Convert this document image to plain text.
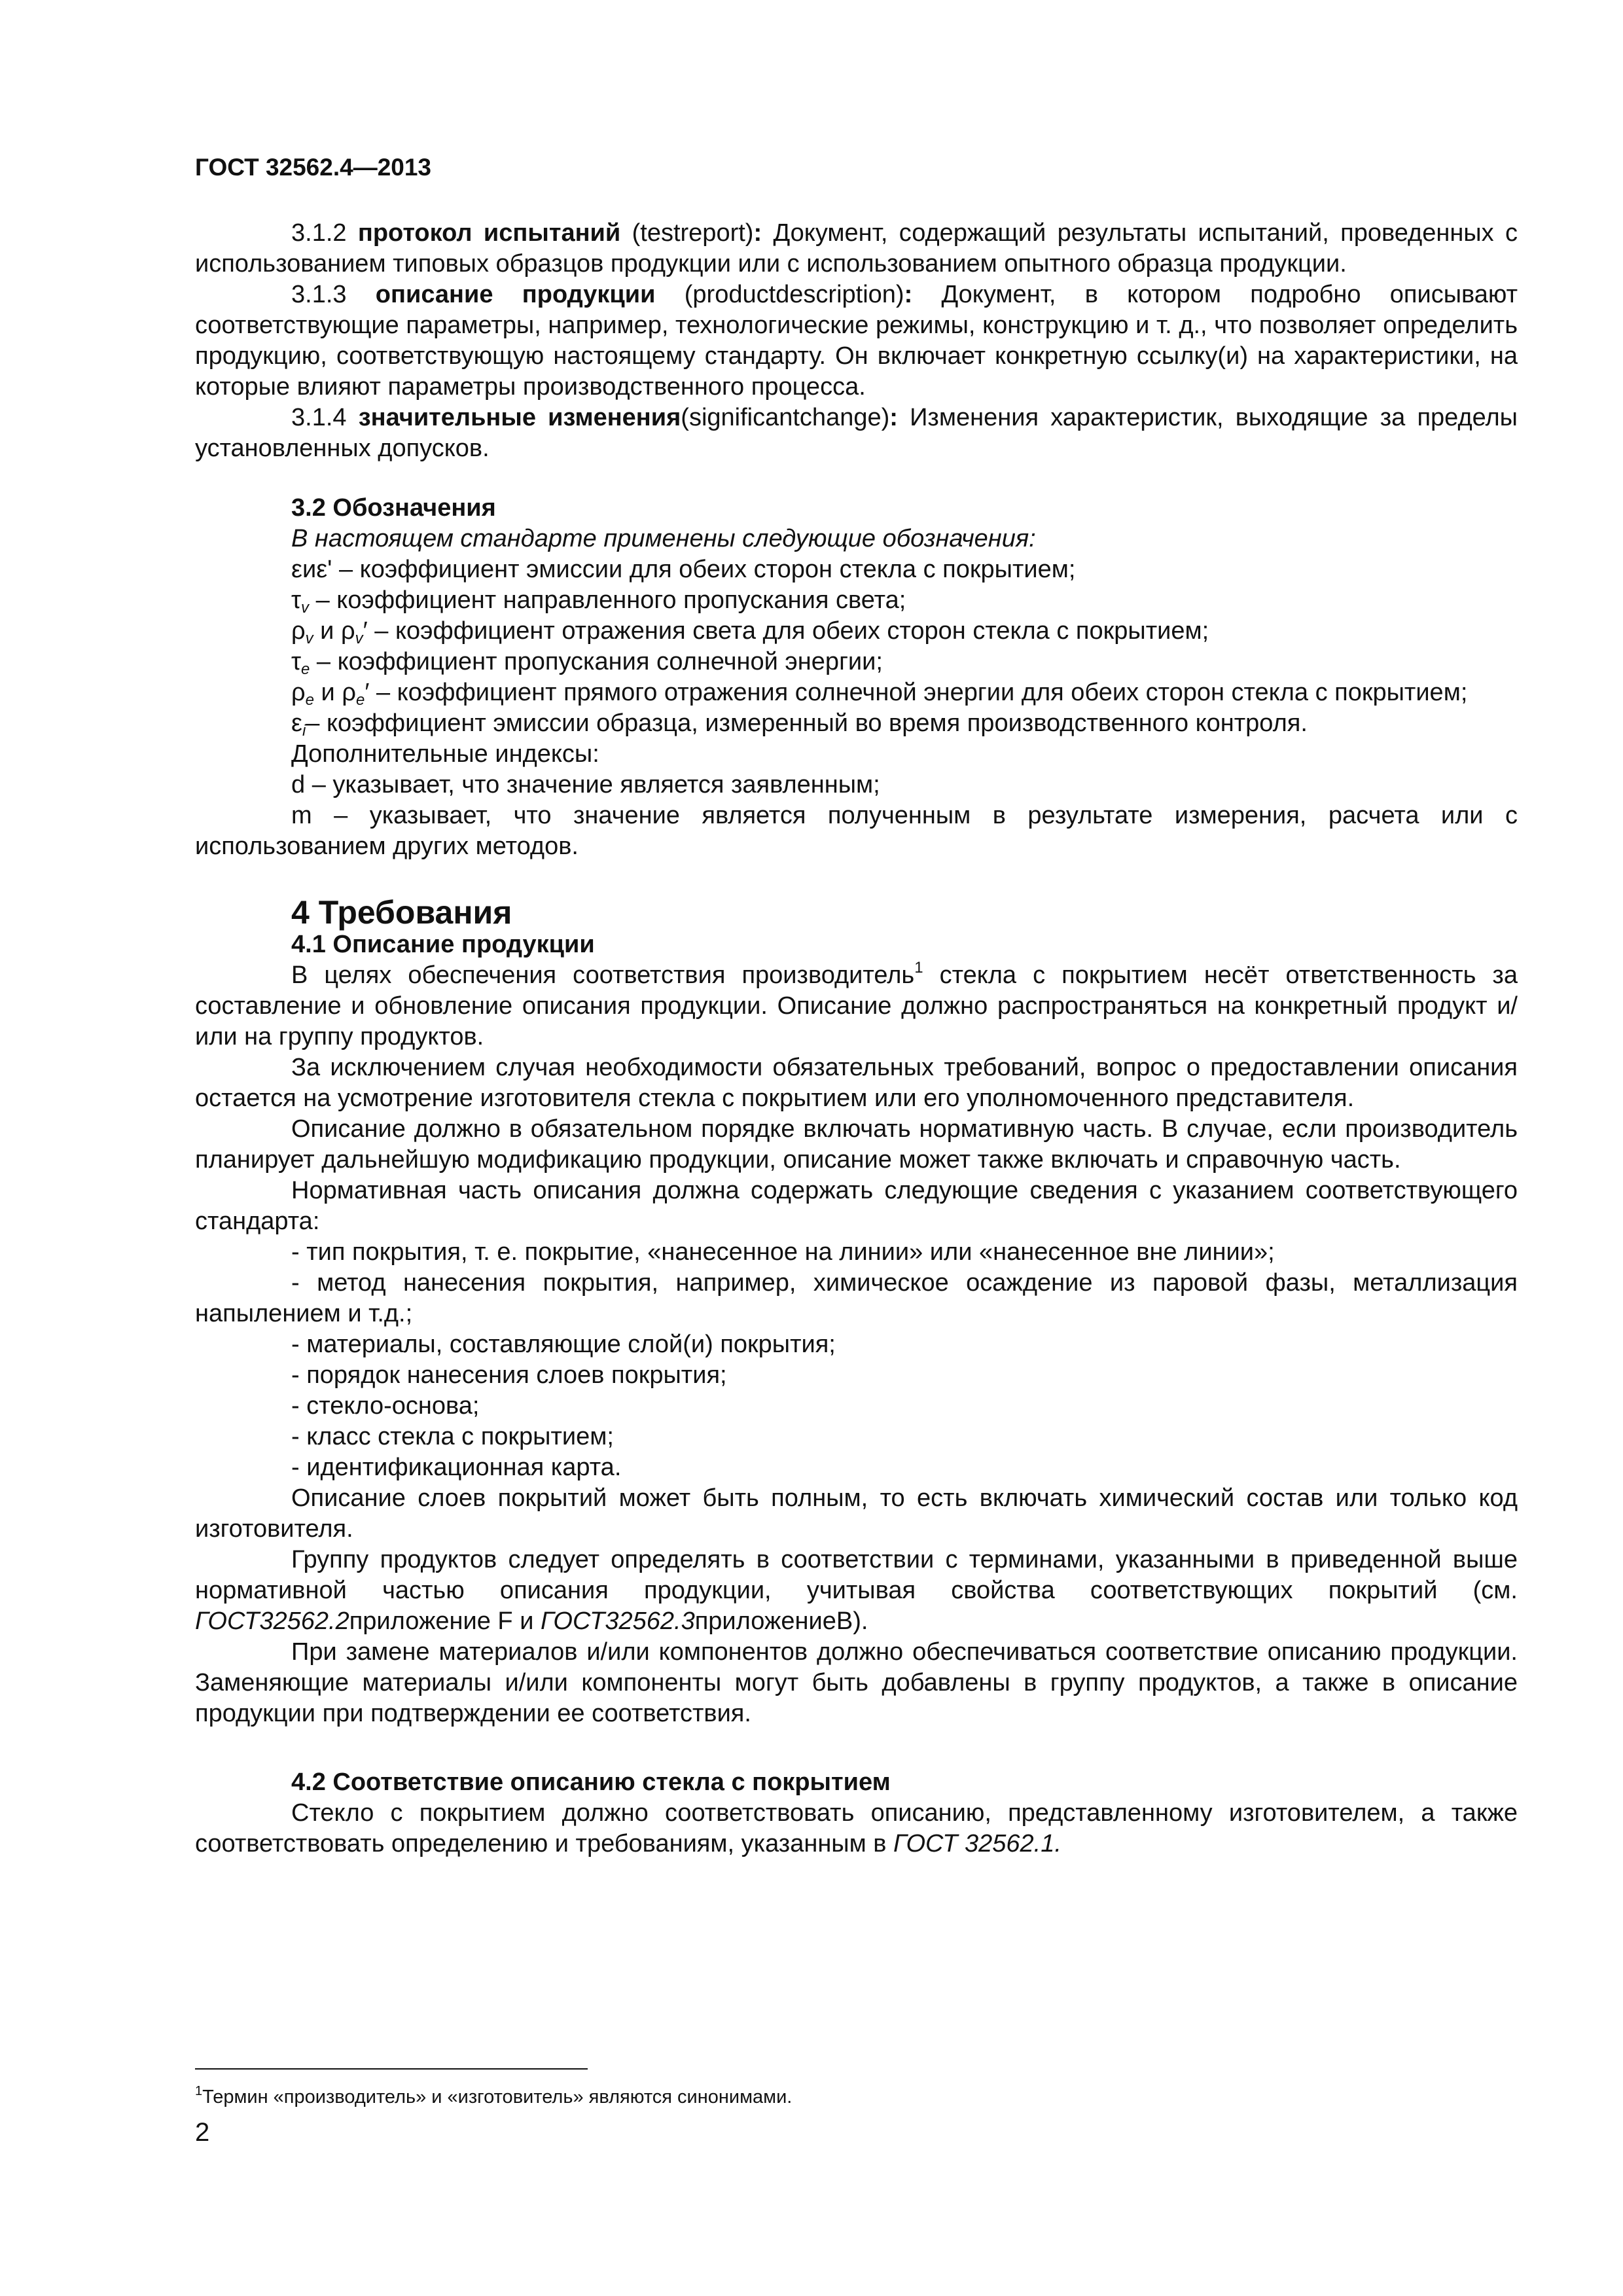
ГОСТ 32562.4—2013

3.1.2 протокол испытаний (testreport): Документ, содержащий результаты испытаний, проведенных с использованием типовых образцов продукции или с использованием опытного образца продукции.

3.1.3 описание продукции (productdescription): Документ, в котором подробно описывают соответствующие параметры, например, технологические режимы, конструкцию и т. д., что позволяет определить продукцию, соответствующую настоящему стандарту. Он включает конкретную ссылку(и) на характеристики, на которые влияют параметры производственного процесса.

3.1.4 значительные изменения(significantchange): Изменения характеристик, выходящие за пределы установленных допусков.

3.2 Обозначения

В настоящем стандарте применены следующие обозначения:

εиε' – коэффициент эмиссии для обеих сторон стекла с покрытием;

$\tau_v$ – коэффициент направленного пропускания света;

$\rho_v$ и $\rho_v'$ – коэффициент отражения света для обеих сторон стекла с покрытием;

$\tau_e$ – коэффициент пропускания солнечной энергии;

$\rho_e$ и $\rho_e'$ – коэффициент прямого отражения солнечной энергии для обеих сторон стекла с покрытием;

$\varepsilon_i-$ коэффициент эмиссии образца, измеренный во время производственного контроля.

Дополнительные индексы:

d – указывает, что значение является заявленным;

m – указывает, что значение является полученным в результате измерения, расчета или с использованием других методов.

4 Требования

4.1 Описание продукции

В целях обеспечения соответствия производитель$^1$ стекла с покрытием несёт ответственность за составление и обновление описания продукции. Описание должно распространяться на конкретный продукт и/или на группу продуктов.

За исключением случая необходимости обязательных требований, вопрос о предоставлении описания остается на усмотрение изготовителя стекла с покрытием или его уполномоченного представителя.

Описание должно в обязательном порядке включать нормативную часть. В случае, если производитель планирует дальнейшую модификацию продукции, описание может также включать и справочную часть.

Нормативная часть описания должна содержать следующие сведения с указанием соответствующего стандарта:

- тип покрытия, т. е. покрытие, «нанесенное на линии» или «нанесенное вне линии»;

- метод нанесения покрытия, например, химическое осаждение из паровой фазы, металлизация напылением и т.д.;

- материалы, составляющие слой(и) покрытия;

- порядок нанесения слоев покрытия;

- стекло-основа;

- класс стекла с покрытием;

- идентификационная карта.

Описание слоев покрытий может быть полным, то есть включать химический состав или только код изготовителя.

Группу продуктов следует определять в соответствии с терминами, указанными в приведенной выше нормативной частью описания продукции, учитывая свойства соответствующих покрытий (см. ГОСТ32562.2приложение F и ГОСТ32562.3приложениеВ).

При замене материалов и/или компонентов должно обеспечиваться соответствие описанию продукции. Заменяющие материалы и/или компоненты могут быть добавлены в группу продуктов, а также в описание продукции при подтверждении ее соответствия.

4.2 Соответствие описанию стекла с покрытием

Стекло с покрытием должно соответствовать описанию, представленному изготовителем, а также соответствовать определению и требованиям, указанным в ГОСТ 32562.1.

$^1$Термин «производитель» и «изготовитель» являются синонимами.
2
